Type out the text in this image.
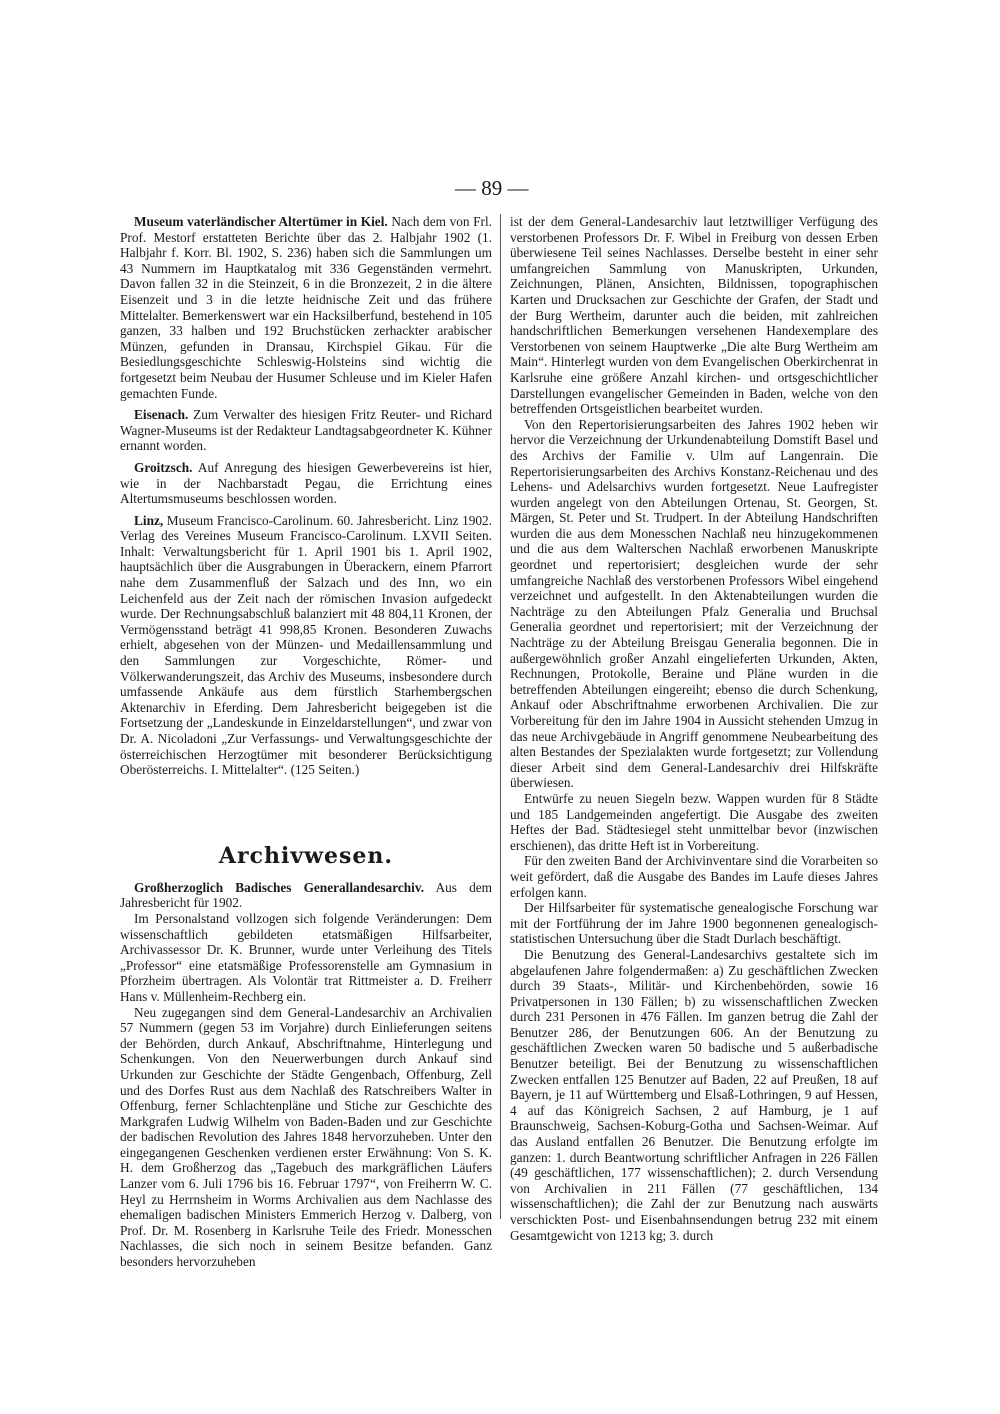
— 89 —

Museum vaterländischer Altertümer in Kiel. Nach dem von Frl. Prof. Mestorf erstatteten Berichte über das 2. Halbjahr 1902 (1. Halbjahr f. Korr. Bl. 1902, S. 236) haben sich die Sammlungen um 43 Nummern im Hauptkatalog mit 336 Gegenständen vermehrt. Davon fallen 32 in die Steinzeit, 6 in die Bronzezeit, 2 in die ältere Eisenzeit und 3 in die letzte heidnische Zeit und das frühere Mittelalter. Bemerkenswert war ein Hacksilberfund, bestehend in 105 ganzen, 33 halben und 192 Bruchstücken zerhackter arabischer Münzen, gefunden in Dransau, Kirchspiel Gikau. Für die Besiedlungsgeschichte Schleswig-Holsteins sind wichtig die fortgesetzt beim Neubau der Husumer Schleuse und im Kieler Hafen gemachten Funde.

Eisenach. Zum Verwalter des hiesigen Fritz Reuter- und Richard Wagner-Museums ist der Redakteur Landtagsabgeordneter K. Kühner ernannt worden.

Groitzsch. Auf Anregung des hiesigen Gewerbevereins ist hier, wie in der Nachbarstadt Pegau, die Errichtung eines Altertumsmuseums beschlossen worden.

Linz, Museum Francisco-Carolinum. 60. Jahresbericht. Linz 1902. Verlag des Vereines Museum Francisco-Carolinum. LXVII Seiten. Inhalt: Verwaltungsbericht für 1. April 1901 bis 1. April 1902, hauptsächlich über die Ausgrabungen in Überackern, einem Pfarrort nahe dem Zusammenfluß der Salzach und des Inn, wo ein Leichenfeld aus der Zeit nach der römischen Invasion aufgedeckt wurde. Der Rechnungsabschluß balanziert mit 48 804,11 Kronen, der Vermögensstand beträgt 41 998,85 Kronen. Besonderen Zuwachs erhielt, abgesehen von der Münzen- und Medaillensammlung und den Sammlungen zur Vorgeschichte, Römer- und Völkerwanderungszeit, das Archiv des Museums, insbesondere durch umfassende Ankäufe aus dem fürstlich Starhembergschen Aktenarchiv in Eferding. Dem Jahresbericht beigegeben ist die Fortsetzung der „Landeskunde in Einzeldarstellungen“, und zwar von Dr. A. Nicoladoni „Zur Verfassungs- und Verwaltungsgeschichte der österreichischen Herzogtümer mit besonderer Berücksichtigung Oberösterreichs. I. Mittelalter“. (125 Seiten.)

Archivwesen.

Großherzoglich Badisches Generallandesarchiv. Aus dem Jahresbericht für 1902.

Im Personalstand vollzogen sich folgende Veränderungen: Dem wissenschaftlich gebildeten etatsmäßigen Hilfsarbeiter, Archivassessor Dr. K. Brunner, wurde unter Verleihung des Titels „Professor“ eine etatsmäßige Professorenstelle am Gymnasium in Pforzheim übertragen. Als Volontär trat Rittmeister a. D. Freiherr Hans v. Müllenheim-Rechberg ein.

Neu zugegangen sind dem General-Landesarchiv an Archivalien 57 Nummern (gegen 53 im Vorjahre) durch Einlieferungen seitens der Behörden, durch Ankauf, Abschriftnahme, Hinterlegung und Schenkungen. Von den Neuerwerbungen durch Ankauf sind Urkunden zur Geschichte der Städte Gengenbach, Offenburg, Zell und des Dorfes Rust aus dem Nachlaß des Ratschreibers Walter in Offenburg, ferner Schlachtenpläne und Stiche zur Geschichte des Markgrafen Ludwig Wilhelm von Baden-Baden und zur Geschichte der badischen Revolution des Jahres 1848 hervorzuheben. Unter den eingegangenen Geschenken verdienen erster Erwähnung: Von S. K. H. dem Großherzog das „Tagebuch des markgräflichen Läufers Lanzer vom 6. Juli 1796 bis 16. Februar 1797“, von Freiherrn W. C. Heyl zu Herrnsheim in Worms Archivalien aus dem Nachlasse des ehemaligen badischen Ministers Emmerich Herzog v. Dalberg, von Prof. Dr. M. Rosenberg in Karlsruhe Teile des Friedr. Monesschen Nachlasses, die sich noch in seinem Besitze befanden. Ganz besonders hervorzuheben

ist der dem General-Landesarchiv laut letztwilliger Verfügung des verstorbenen Professors Dr. F. Wibel in Freiburg von dessen Erben überwiesene Teil seines Nachlasses. Derselbe besteht in einer sehr umfangreichen Sammlung von Manuskripten, Urkunden, Zeichnungen, Plänen, Ansichten, Bildnissen, topographischen Karten und Drucksachen zur Geschichte der Grafen, der Stadt und der Burg Wertheim, darunter auch die beiden, mit zahlreichen handschriftlichen Bemerkungen versehenen Handexemplare des Verstorbenen von seinem Hauptwerke „Die alte Burg Wertheim am Main“. Hinterlegt wurden von dem Evangelischen Oberkirchenrat in Karlsruhe eine größere Anzahl kirchen- und ortsgeschichtlicher Darstellungen evangelischer Gemeinden in Baden, welche von den betreffenden Ortsgeistlichen bearbeitet wurden.

Von den Repertorisierungsarbeiten des Jahres 1902 heben wir hervor die Verzeichnung der Urkundenabteilung Domstift Basel und des Archivs der Familie v. Ulm auf Langenrain. Die Repertorisierungsarbeiten des Archivs Konstanz-Reichenau und des Lehens- und Adelsarchivs wurden fortgesetzt. Neue Laufregister wurden angelegt von den Abteilungen Ortenau, St. Georgen, St. Märgen, St. Peter und St. Trudpert. In der Abteilung Handschriften wurden die aus dem Monesschen Nachlaß neu hinzugekommenen und die aus dem Walterschen Nachlaß erworbenen Manuskripte geordnet und repertorisiert; desgleichen wurde der sehr umfangreiche Nachlaß des verstorbenen Professors Wibel eingehend verzeichnet und aufgestellt. In den Aktenabteilungen wurden die Nachträge zu den Abteilungen Pfalz Generalia und Bruchsal Generalia geordnet und repertorisiert; mit der Verzeichnung der Nachträge zu der Abteilung Breisgau Generalia begonnen. Die in außergewöhnlich großer Anzahl eingelieferten Urkunden, Akten, Rechnungen, Protokolle, Beraine und Pläne wurden in die betreffenden Abteilungen eingereiht; ebenso die durch Schenkung, Ankauf oder Abschriftnahme erworbenen Archivalien. Die zur Vorbereitung für den im Jahre 1904 in Aussicht stehenden Umzug in das neue Archivgebäude in Angriff genommene Neubearbeitung des alten Bestandes der Spezialakten wurde fortgesetzt; zur Vollendung dieser Arbeit sind dem General-Landesarchiv drei Hilfskräfte überwiesen.

Entwürfe zu neuen Siegeln bezw. Wappen wurden für 8 Städte und 185 Landgemeinden angefertigt. Die Ausgabe des zweiten Heftes der Bad. Städtesiegel steht unmittelbar bevor (inzwischen erschienen), das dritte Heft ist in Vorbereitung.

Für den zweiten Band der Archivinventare sind die Vorarbeiten so weit gefördert, daß die Ausgabe des Bandes im Laufe dieses Jahres erfolgen kann.

Der Hilfsarbeiter für systematische genealogische Forschung war mit der Fortführung der im Jahre 1900 begonnenen genealogisch-statistischen Untersuchung über die Stadt Durlach beschäftigt.

Die Benutzung des General-Landesarchivs gestaltete sich im abgelaufenen Jahre folgendermaßen: a) Zu geschäftlichen Zwecken durch 39 Staats-, Militär- und Kirchenbehörden, sowie 16 Privatpersonen in 130 Fällen; b) zu wissenschaftlichen Zwecken durch 231 Personen in 476 Fällen. Im ganzen betrug die Zahl der Benutzer 286, der Benutzungen 606. An der Benutzung zu geschäftlichen Zwecken waren 50 badische und 5 außerbadische Benutzer beteiligt. Bei der Benutzung zu wissenschaftlichen Zwecken entfallen 125 Benutzer auf Baden, 22 auf Preußen, 18 auf Bayern, je 11 auf Württemberg und Elsaß-Lothringen, 9 auf Hessen, 4 auf das Königreich Sachsen, 2 auf Hamburg, je 1 auf Braunschweig, Sachsen-Koburg-Gotha und Sachsen-Weimar. Auf das Ausland entfallen 26 Benutzer. Die Benutzung erfolgte im ganzen: 1. durch Beantwortung schriftlicher Anfragen in 226 Fällen (49 geschäftlichen, 177 wissenschaftlichen); 2. durch Versendung von Archivalien in 211 Fällen (77 geschäftlichen, 134 wissenschaftlichen); die Zahl der zur Benutzung nach auswärts verschickten Post- und Eisenbahnsendungen betrug 232 mit einem Gesamtgewicht von 1213 kg; 3. durch
